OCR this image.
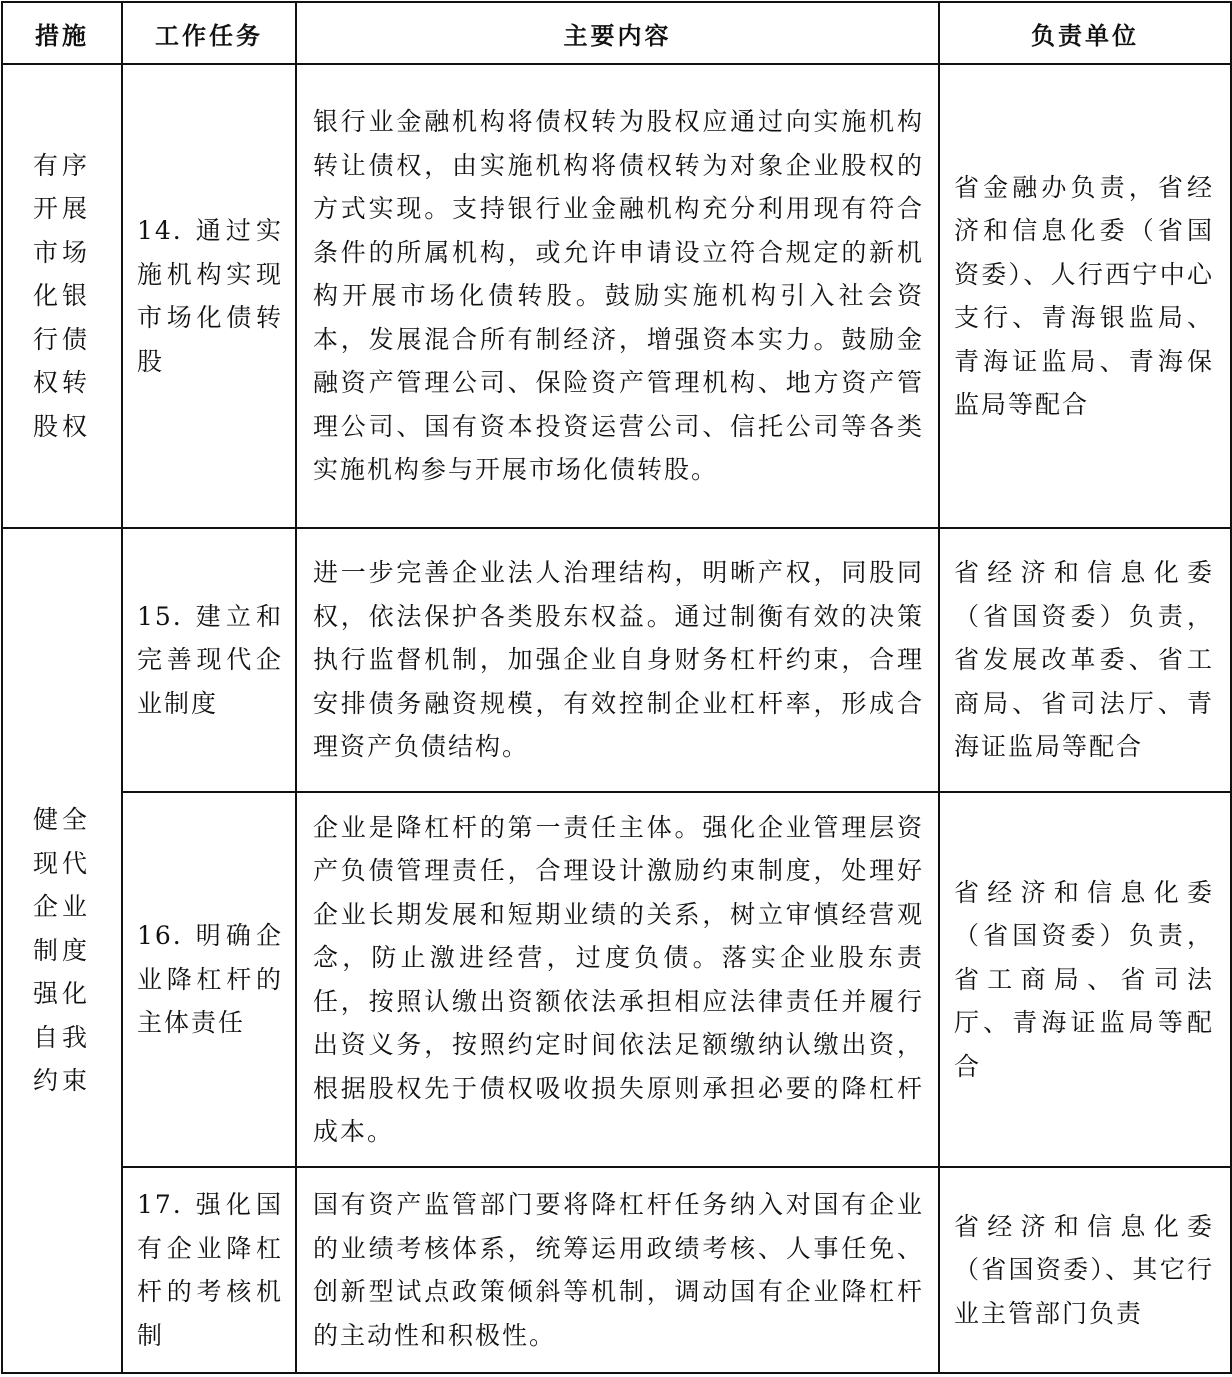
措施	工作任务	主要内容	负责单位
有序开展市场化银行债权转股权	14. 通过实施机构实现市场化债转股	银行业金融机构将债权转为股权应通过向实施机构转让债权，由实施机构将债权转为对象企业股权的方式实现。支持银行业金融机构充分利用现有符合条件的所属机构，或允许申请设立符合规定的新机构开展市场化债转股。鼓励实施机构引入社会资本，发展混合所有制经济，增强资本实力。鼓励金融资产管理公司、保险资产管理机构、地方资产管理公司、国有资本投资运营公司、信托公司等各类实施机构参与开展市场化债转股。	省金融办负责，省经济和信息化委（省国资委）、人行西宁中心支行、青海银监局、青海证监局、青海保监局等配合
健全现代企业制度强化自我约束	15. 建立和完善现代企业制度	进一步完善企业法人治理结构，明晰产权，同股同权，依法保护各类股东权益。通过制衡有效的决策执行监督机制，加强企业自身财务杠杆约束，合理安排债务融资规模，有效控制企业杠杆率，形成合理资产负债结构。	省经济和信息化委（省国资委）负责，省发展改革委、省工商局、省司法厅、青海证监局等配合
	16. 明确企业降杠杆的主体责任	企业是降杠杆的第一责任主体。强化企业管理层资产负债管理责任，合理设计激励约束制度，处理好企业长期发展和短期业绩的关系，树立审慎经营观念，防止激进经营，过度负债。落实企业股东责任，按照认缴出资额依法承担相应法律责任并履行出资义务，按照约定时间依法足额缴纳认缴出资，根据股权先于债权吸收损失原则承担必要的降杠杆成本。	省经济和信息化委（省国资委）负责，省工商局、省司法厅、青海证监局等配合
	17. 强化国有企业降杠杆的考核机制	国有资产监管部门要将降杠杆任务纳入对国有企业的业绩考核体系，统筹运用政绩考核、人事任免、创新型试点政策倾斜等机制，调动国有企业降杠杆的主动性和积极性。	省经济和信息化委（省国资委）、其它行业主管部门负责
